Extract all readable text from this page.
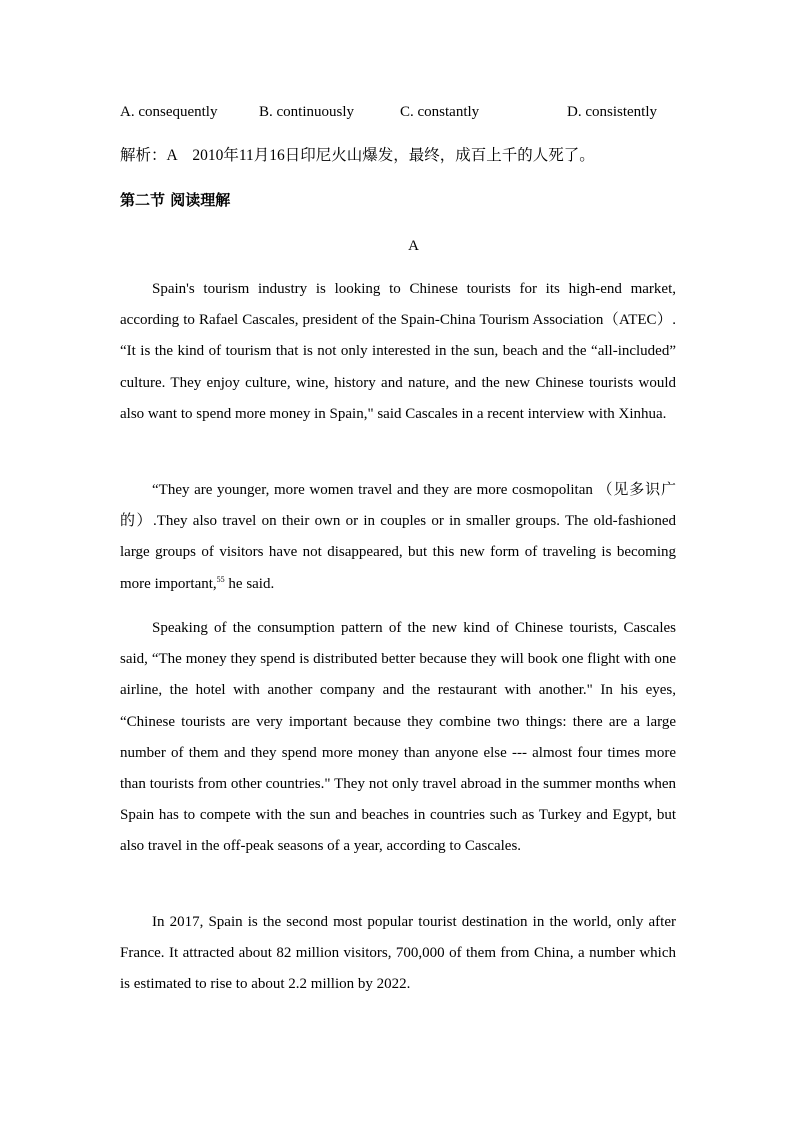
A. consequently	B. continuously	C. constantly	D. consistently
解析：A　2010年11月16日印尼火山爆发，最终，成百上千的人死了。
第二节 阅读理解
A

Spain's tourism industry is looking to Chinese tourists for its high-end market, according to Rafael Cascales, president of the Spain-China Tourism Association（ATEC）. “It is the kind of tourism that is not only interested in the sun, beach and the “all-included” culture. They enjoy culture, wine, history and nature, and the new Chinese tourists would also want to spend more money in Spain," said Cascales in a recent interview with Xinhua.

“They are younger, more women travel and they are more cosmopolitan （见多识广的）.They also travel on their own or in couples or in smaller groups. The old-fashioned large groups of visitors have not disappeared, but this new form of traveling is becoming more important,$^{55}$ he said.

Speaking of the consumption pattern of the new kind of Chinese tourists, Cascales said, “The money they spend is distributed better because they will book one flight with one airline, the hotel with another company and the restaurant with another." In his eyes, “Chinese tourists are very important because they combine two things: there are a large number of them and they spend more money than anyone else --- almost four times more than tourists from other countries." They not only travel abroad in the summer months when Spain has to compete with the sun and beaches in countries such as Turkey and Egypt, but also travel in the off-peak seasons of a year, according to Cascales.

In 2017, Spain is the second most popular tourist destination in the world, only after France. It attracted about 82 million visitors, 700,000 of them from China, a number which is estimated to rise to about 2.2 million by 2022.
